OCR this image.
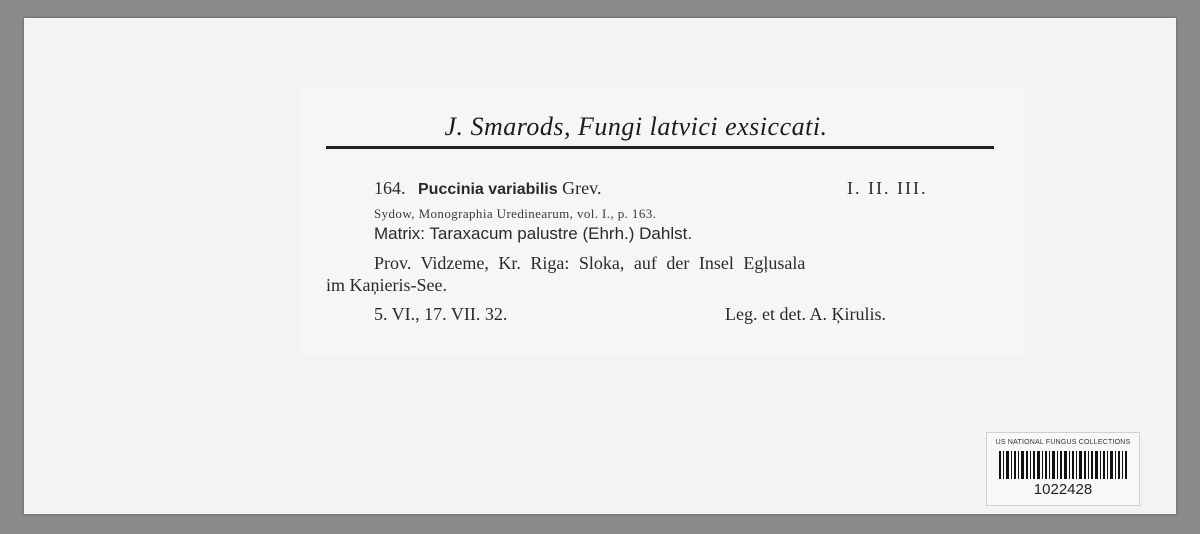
J. Smarods, Fungi latvici exsiccati.
164. Puccinia variabilis Grev.	I. II. III.
Sydow, Monographia Uredinearum, vol. I., p. 163.
Matrix: Taraxacum palustre (Ehrh.) Dahlst.
Prov. Vidzeme, Kr. Riga: Sloka, auf der Insel Egļusala
im Kaņieris-See.
5. VI., 17. VII. 32.	Leg. et det. A. Ķirulis.
US NATIONAL FUNGUS COLLECTIONS
1022428
